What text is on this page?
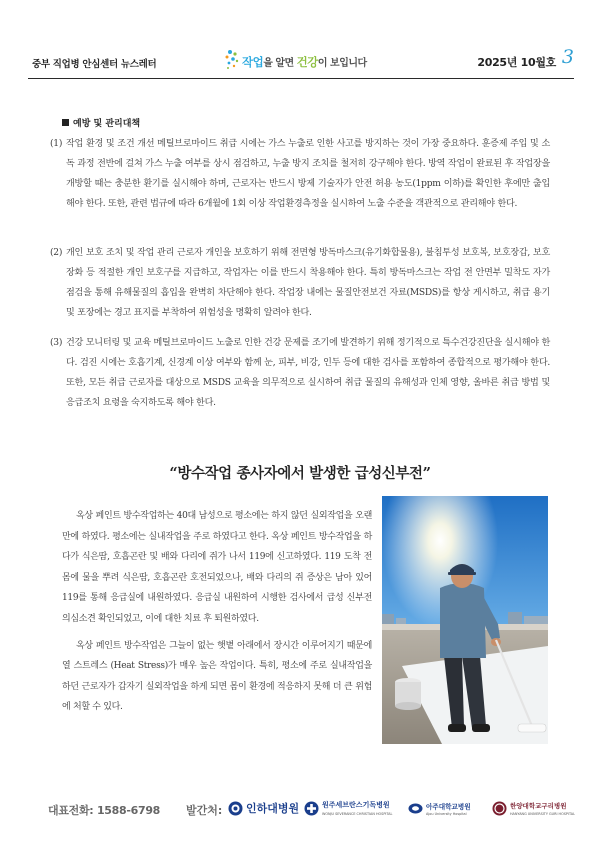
중부 직업병 안심센터 뉴스레터	작업을 알면 건강이 보입니다	2025년 10월호 3
예방 및 관리대책
(1) 작업 환경 및 조건 개선 메틸브로마이드 취급 시에는 가스 누출로 인한 사고를 방지하는 것이 가장 중요하다. 훈증제 주입 및 소독 과정 전반에 걸쳐 가스 누출 여부를 상시 점검하고, 누출 방지 조치를 철저히 강구해야 한다. 방역 작업이 완료된 후 작업장을 개방할 때는 충분한 환기를 실시해야 하며, 근로자는 반드시 방제 기술자가 안전 허용 농도(1ppm 이하)를 확인한 후에만 출입해야 한다. 또한, 관련 법규에 따라 6개월에 1회 이상 작업환경측정을 실시하여 노출 수준을 객관적으로 관리해야 한다.
(2) 개인 보호 조치 및 작업 관리 근로자 개인을 보호하기 위해 전면형 방독마스크(유기화합물용), 불침투성 보호복, 보호장갑, 보호장화 등 적절한 개인 보호구를 지급하고, 작업자는 이를 반드시 착용해야 한다. 특히 방독마스크는 작업 전 안면부 밀착도 자가점검을 통해 유해물질의 흡입을 완벽히 차단해야 한다. 작업장 내에는 물질안전보건 자료(MSDS)를 항상 게시하고, 취급 용기 및 포장에는 경고 표지를 부착하여 위험성을 명확히 알려야 한다.
(3) 건강 모니터링 및 교육 메틸브로마이드 노출로 인한 건강 문제를 조기에 발견하기 위해 정기적으로 특수건강진단을 실시해야 한다. 검진 시에는 호흡기계, 신경계 이상 여부와 함께 눈, 피부, 비강, 인두 등에 대한 검사를 포함하여 종합적으로 평가해야 한다. 또한, 모든 취급 근로자를 대상으로 MSDS 교육을 의무적으로 실시하여 취급 물질의 유해성과 인체 영향, 올바른 취급 방법 및 응급조치 요령을 숙지하도록 해야 한다.
“방수작업 종사자에서 발생한 급성신부전”

옥상 페인트 방수작업하는 40대 남성으로 평소에는 하지 않던 실외작업을 오랜만에 하였다. 평소에는 실내작업을 주로 하였다고 한다. 옥상 페인트 방수작업을 하다가 식은땀, 호흡곤란 및 배와 다리에 쥐가 나서 119에 신고하였다. 119 도착 전 몸에 물을 뿌려 식은땀, 호흡곤란 호전되었으나, 배와 다리의 쥐 증상은 남아 있어 119를 통해 응급실에 내원하였다. 응급실 내원하여 시행한 검사에서 급성 신부전 의심소견 확인되었고, 이에 대한 치료 후 퇴원하였다.

옥상 페인트 방수작업은 그늘이 없는 햇볕 아래에서 장시간 이루어지기 때문에 열 스트레스 (Heat Stress)가 매우 높은 작업이다. 특히, 평소에 주로 실내작업을 하던 근로자가 갑자기 실외작업을 하게 되면 몸이 환경에 적응하지 못해 더 큰 위험에 처할 수 있다.

대표전화: 1588-6798 발간처: 인하대병원	원주세브란스기독병원
WONJU SEVERANCE CHRISTIAN HOSPITAL
아주대학교병원
Ajou University Hospital
한양대학교구리병원
HANYANG UNIVERSITY GURI HOSPITAL
